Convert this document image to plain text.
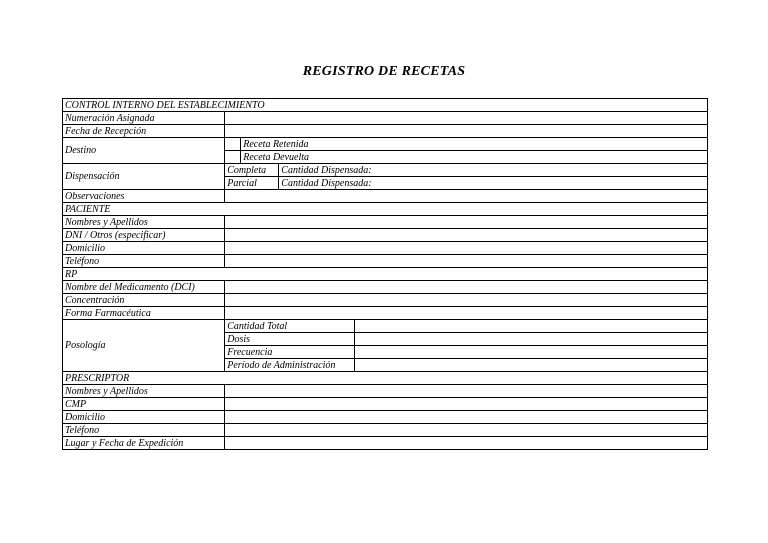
REGISTRO DE RECETAS
CONTROL INTERNO DEL ESTABLECIMIENTO				
Numeración Asignada				
Fecha de Recepción				
Destino		Receta Retenida		
		Receta Devuelta		
Dispensación	Completa		Cantidad Dispensada:	
	Parcial		Cantidad Dispensada:	
Observaciones				
PACIENTE				
Nombres y Apellidos				
DNI / Otros (especificar)				
Domicilio				
Teléfono				
RP				
Nombre del Medicamento (DCI)				
Concentración				
Forma Farmacéutica				
Posología	Cantidad Total			
	Dosis			
	Frecuencia			
	Período de Administración			
PRESCRIPTOR				
Nombres y Apellidos				
CMP				
Domicilio				
Teléfono				
Lugar y Fecha de Expedición				
